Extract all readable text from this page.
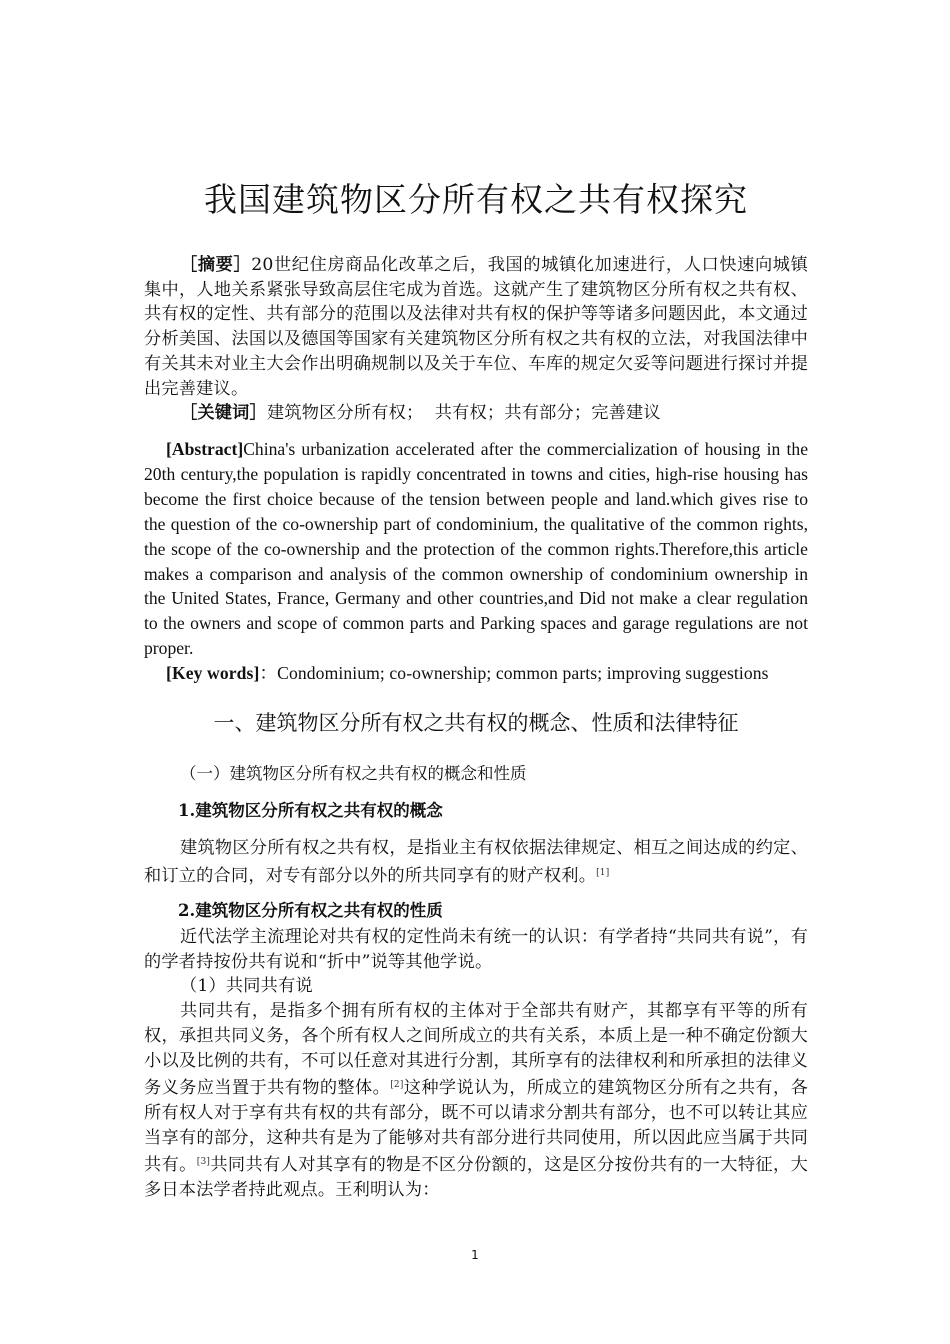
我国建筑物区分所有权之共有权探究

［摘要］20世纪住房商品化改革之后，我国的城镇化加速进行，人口快速向城镇集中，人地关系紧张导致高层住宅成为首选。这就产生了建筑物区分所有权之共有权、共有权的定性、共有部分的范围以及法律对共有权的保护等等诸多问题因此，本文通过分析美国、法国以及德国等国家有关建筑物区分所有权之共有权的立法，对我国法律中有关其未对业主大会作出明确规制以及关于车位、车库的规定欠妥等问题进行探讨并提出完善建议。

［关键词］建筑物区分所有权；  共有权；共有部分；完善建议

[Abstract]China's urbanization accelerated after the commercialization of housing in the 20th century,the population is rapidly concentrated in towns and cities, high-rise housing has become the first choice because of the tension between people and land.which gives rise to the question of the co-ownership part of condominium, the qualitative of the common rights, the scope of the co-ownership and the protection of the common rights.Therefore,this article makes a comparison and analysis of the common ownership of condominium ownership in the United States, France, Germany and other countries,and Did not make a clear regulation to the owners and scope of common parts and Parking spaces and garage regulations are not proper.

[Key words]：Condominium; co-ownership; common parts; improving suggestions

一、建筑物区分所有权之共有权的概念、性质和法律特征
（一）建筑物区分所有权之共有权的概念和性质
1.建筑物区分所有权之共有权的概念

建筑物区分所有权之共有权，是指业主有权依据法律规定、相互之间达成的约定、和订立的合同，对专有部分以外的所共同享有的财产权利。[1]

2.建筑物区分所有权之共有权的性质

近代法学主流理论对共有权的定性尚未有统一的认识：有学者持“共同共有说”，有的学者持按份共有说和“折中”说等其他学说。

（1）共同共有说

共同共有，是指多个拥有所有权的主体对于全部共有财产，其都享有平等的所有权，承担共同义务，各个所有权人之间所成立的共有关系，本质上是一种不确定份额大小以及比例的共有，不可以任意对其进行分割，其所享有的法律权利和所承担的法律义务义务应当置于共有物的整体。[2]这种学说认为，所成立的建筑物区分所有之共有，各所有权人对于享有共有权的共有部分，既不可以请求分割共有部分，也不可以转让其应当享有的部分，这种共有是为了能够对共有部分进行共同使用，所以因此应当属于共同共有。[3]共同共有人对其享有的物是不区分份额的，这是区分按份共有的一大特征，大多日本法学者持此观点。王利明认为：

1
